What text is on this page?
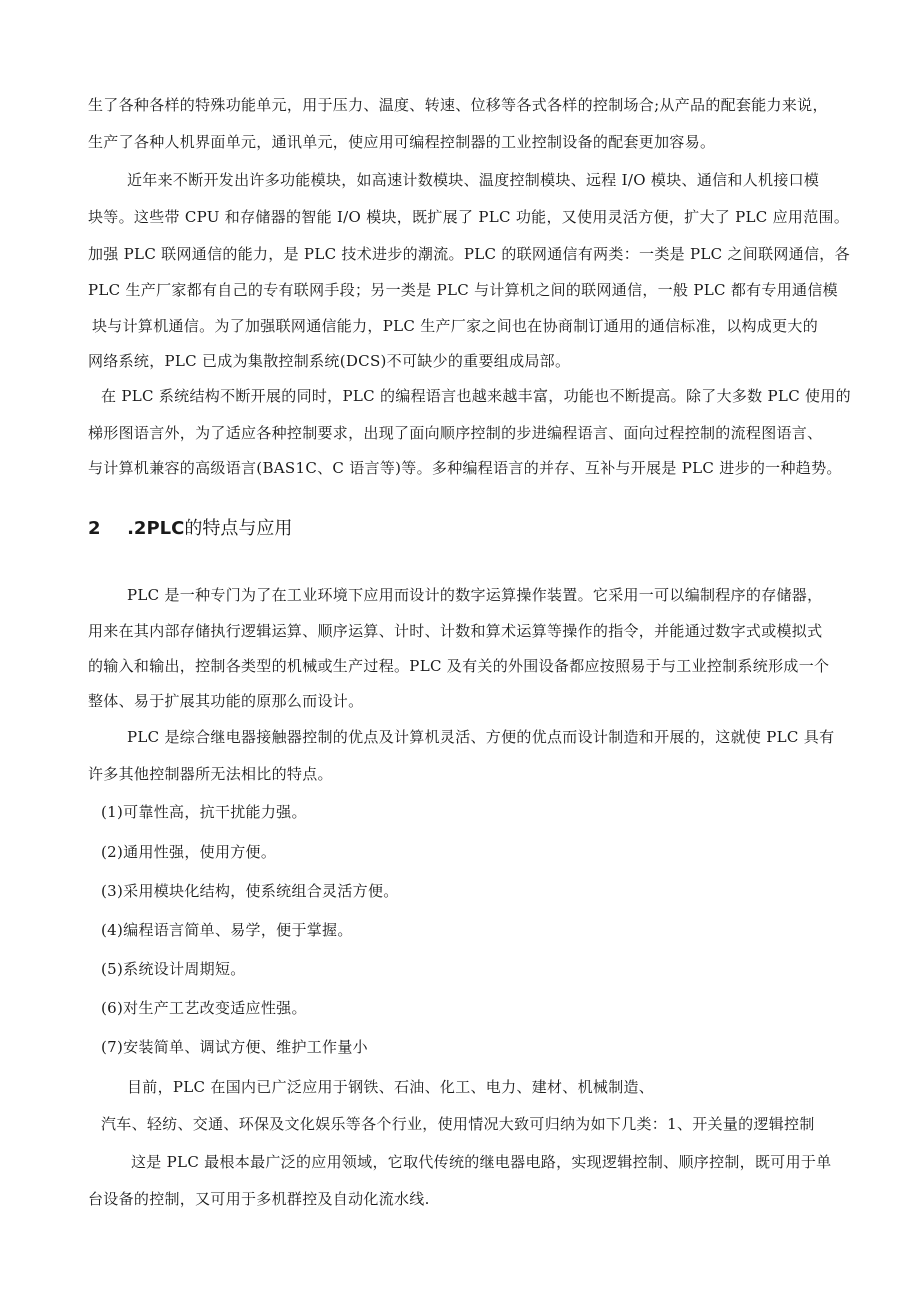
生了各种各样的特殊功能单元，用于压力、温度、转速、位移等各式各样的控制场合;从产品的配套能力来说，
生产了各种人机界面单元，通讯单元，使应用可编程控制器的工业控制设备的配套更加容易。
近年来不断开发出许多功能模块，如高速计数模块、温度控制模块、远程 I/O 模块、通信和人机接口模
块等。这些带 CPU 和存储器的智能 I/O 模块，既扩展了 PLC 功能，又使用灵活方便，扩大了 PLC 应用范围。
加强 PLC 联网通信的能力，是 PLC 技术进步的潮流。PLC 的联网通信有两类：一类是 PLC 之间联网通信，各
PLC 生产厂家都有自己的专有联网手段；另一类是 PLC 与计算机之间的联网通信，一般 PLC 都有专用通信模
块与计算机通信。为了加强联网通信能力，PLC 生产厂家之间也在协商制订通用的通信标准，以构成更大的
网络系统，PLC 已成为集散控制系统(DCS)不可缺少的重要组成局部。
在 PLC 系统结构不断开展的同时，PLC 的编程语言也越来越丰富，功能也不断提高。除了大多数 PLC 使用的
梯形图语言外，为了适应各种控制要求，出现了面向顺序控制的步进编程语言、面向过程控制的流程图语言、
与计算机兼容的高级语言(BAS1C、C 语言等)等。多种编程语言的并存、互补与开展是 PLC 进步的一种趋势。
2 .2PLC的特点与应用
PLC 是一种专门为了在工业环境下应用而设计的数字运算操作装置。它采用一可以编制程序的存储器，
用来在其内部存储执行逻辑运算、顺序运算、计时、计数和算术运算等操作的指令，并能通过数字式或模拟式
的输入和输出，控制各类型的机械或生产过程。PLC 及有关的外围设备都应按照易于与工业控制系统形成一个
整体、易于扩展其功能的原那么而设计。
PLC 是综合继电器接触器控制的优点及计算机灵活、方便的优点而设计制造和开展的，这就使 PLC 具有
许多其他控制器所无法相比的特点。
(1)可靠性高，抗干扰能力强。
(2)通用性强，使用方便。
(3)采用模块化结构，使系统组合灵活方便。
(4)编程语言简单、易学，便于掌握。
(5)系统设计周期短。
(6)对生产工艺改变适应性强。
(7)安装简单、调试方便、维护工作量小
目前，PLC 在国内已广泛应用于钢铁、石油、化工、电力、建材、机械制造、
汽车、轻纺、交通、环保及文化娱乐等各个行业，使用情况大致可归纳为如下几类：1、开关量的逻辑控制
这是 PLC 最根本最广泛的应用领域，它取代传统的继电器电路，实现逻辑控制、顺序控制，既可用于单
台设备的控制，又可用于多机群控及自动化流水线.
